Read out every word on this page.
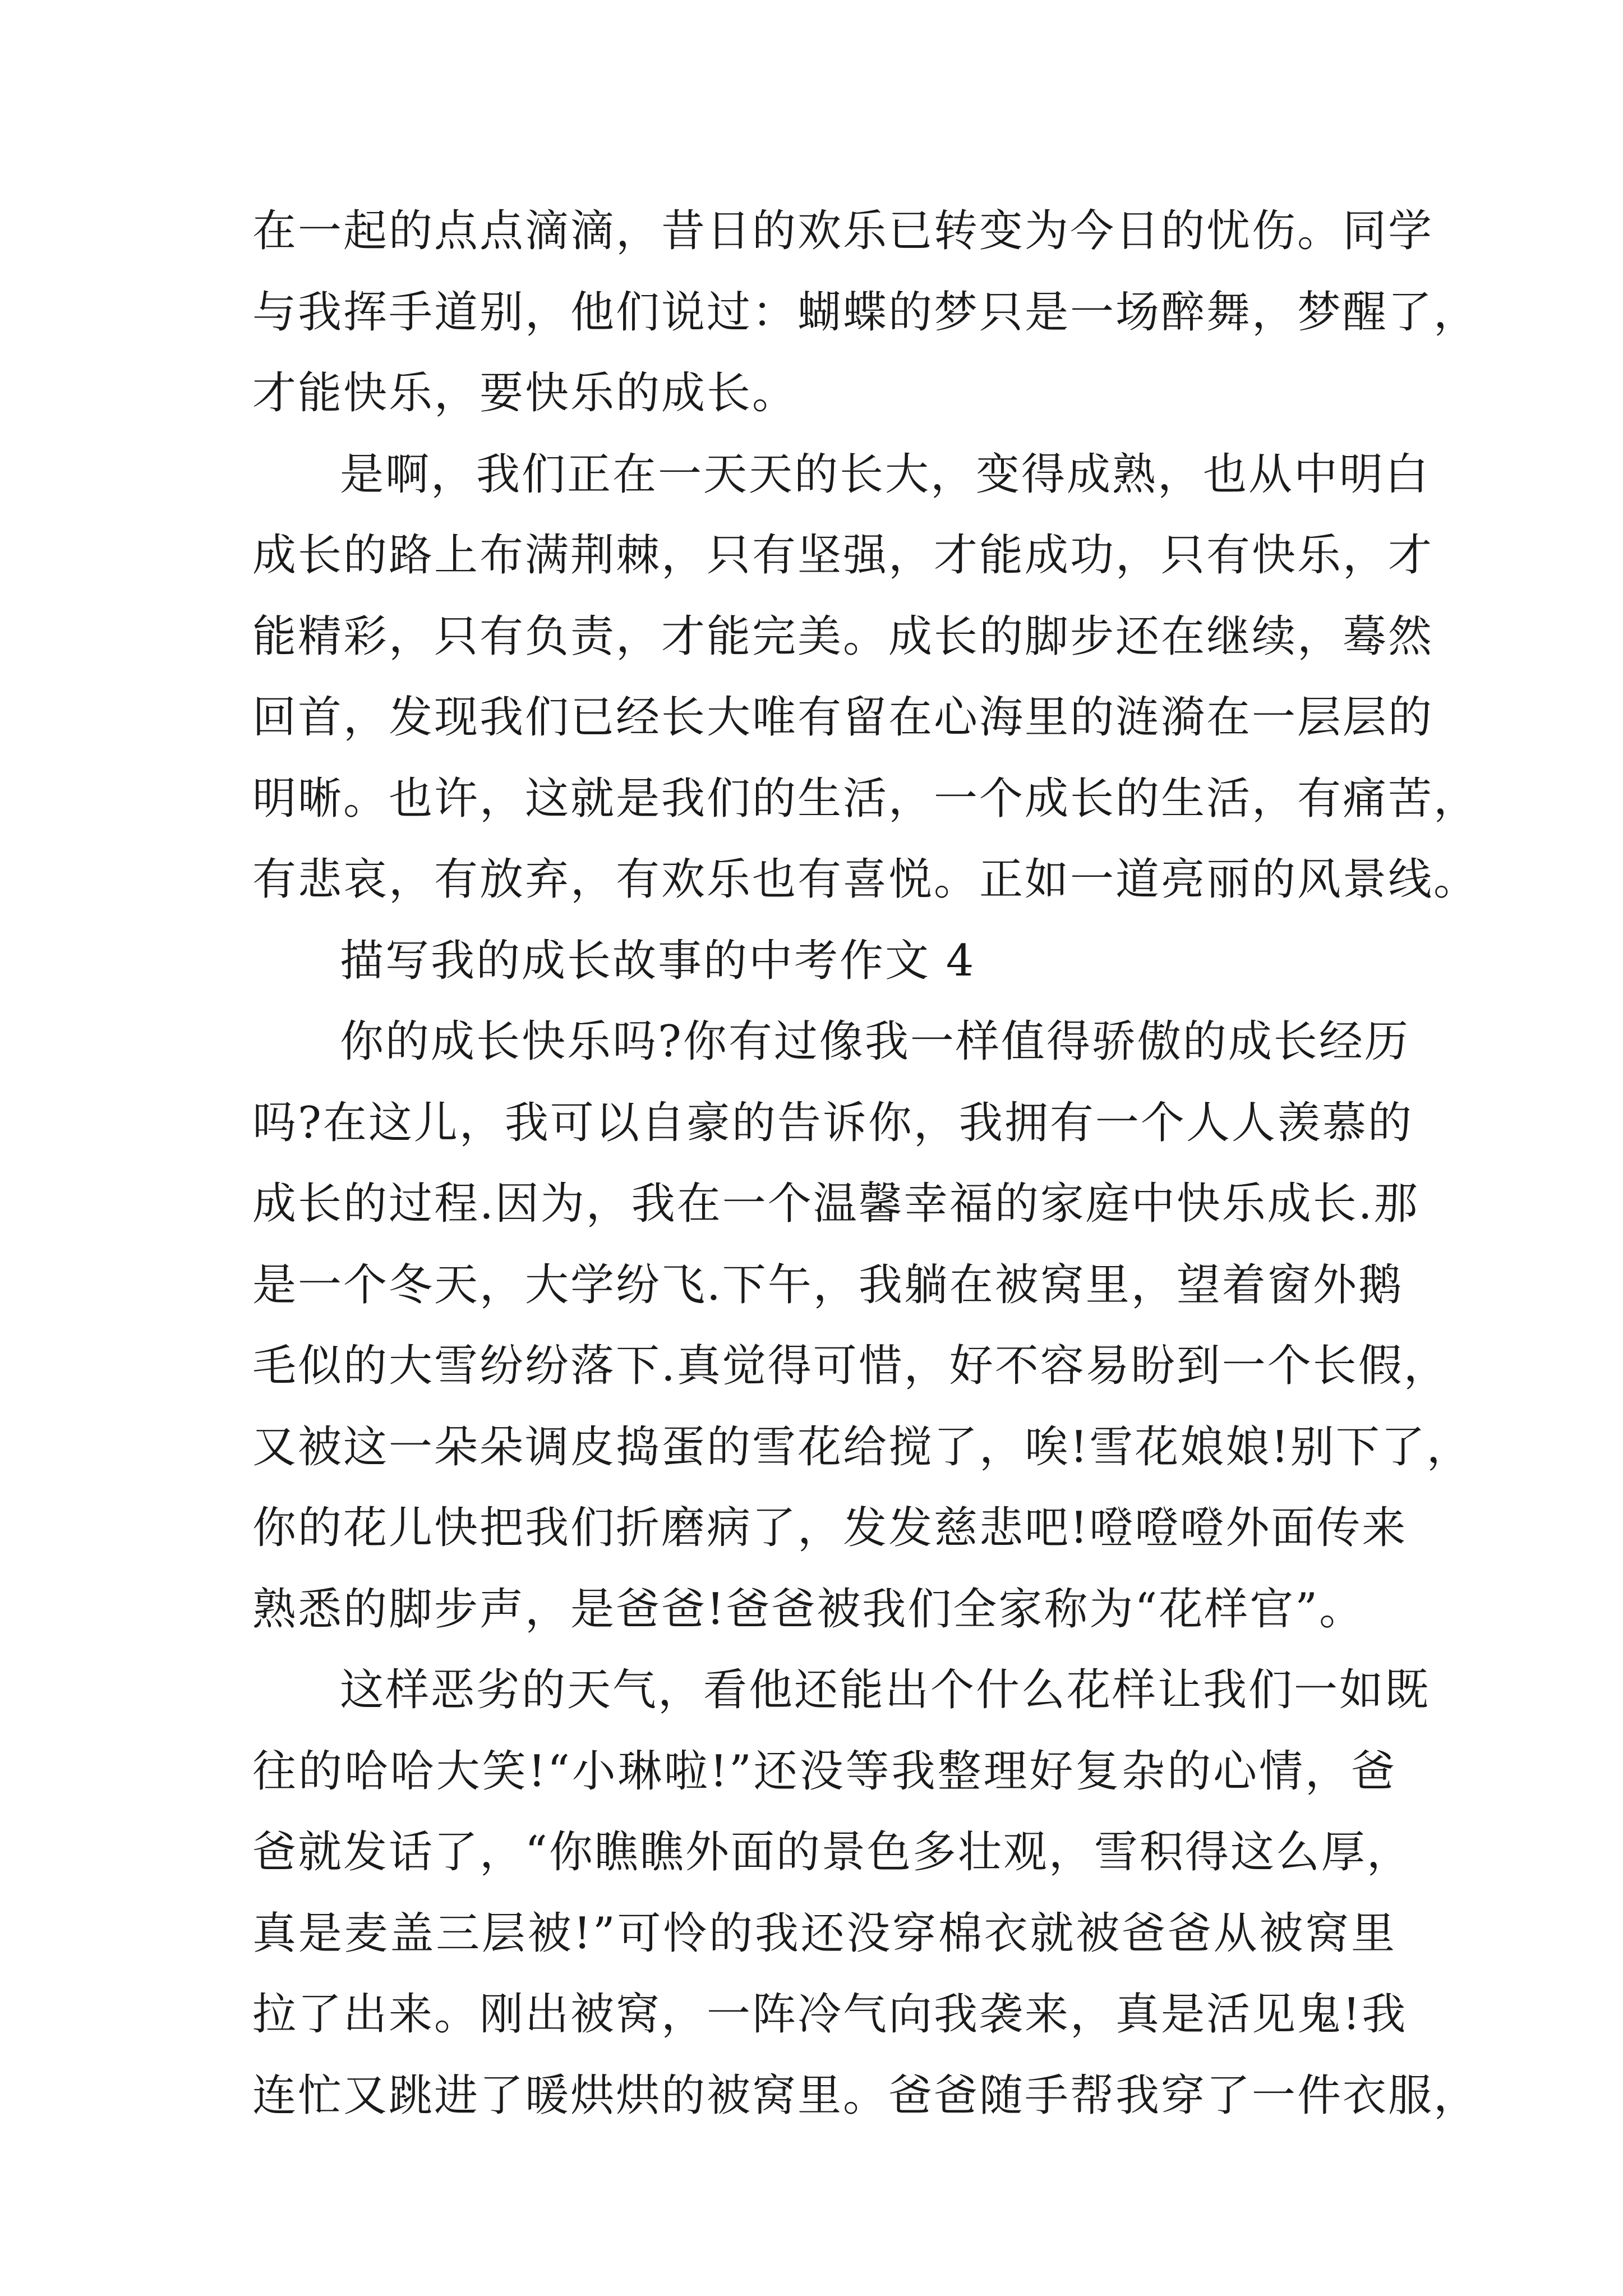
在一起的点点滴滴，昔日的欢乐已转变为今日的忧伤。同学
与我挥手道别，他们说过：蝴蝶的梦只是一场醉舞，梦醒了，
才能快乐，要快乐的成长。
是啊，我们正在一天天的长大，变得成熟，也从中明白
成长的路上布满荆棘，只有坚强，才能成功，只有快乐，才
能精彩，只有负责，才能完美。成长的脚步还在继续，蓦然
回首，发现我们已经长大唯有留在心海里的涟漪在一层层的
明晰。也许，这就是我们的生活，一个成长的生活，有痛苦，
有悲哀，有放弃，有欢乐也有喜悦。正如一道亮丽的风景线。
描写我的成长故事的中考作文 4
你的成长快乐吗?你有过像我一样值得骄傲的成长经历
吗?在这儿，我可以自豪的告诉你，我拥有一个人人羡慕的
成长的过程.因为，我在一个温馨幸福的家庭中快乐成长.那
是一个冬天，大学纷飞.下午，我躺在被窝里，望着窗外鹅
毛似的大雪纷纷落下.真觉得可惜，好不容易盼到一个长假，
又被这一朵朵调皮捣蛋的雪花给搅了，唉!雪花娘娘!别下了，
你的花儿快把我们折磨病了，发发慈悲吧!噔噔噔外面传来
熟悉的脚步声，是爸爸!爸爸被我们全家称为“花样官”。
这样恶劣的天气，看他还能出个什么花样让我们一如既
往的哈哈大笑!“小琳啦!”还没等我整理好复杂的心情，爸
爸就发话了，“你瞧瞧外面的景色多壮观，雪积得这么厚，
真是麦盖三层被!”可怜的我还没穿棉衣就被爸爸从被窝里
拉了出来。刚出被窝，一阵冷气向我袭来，真是活见鬼!我
连忙又跳进了暖烘烘的被窝里。爸爸随手帮我穿了一件衣服，
